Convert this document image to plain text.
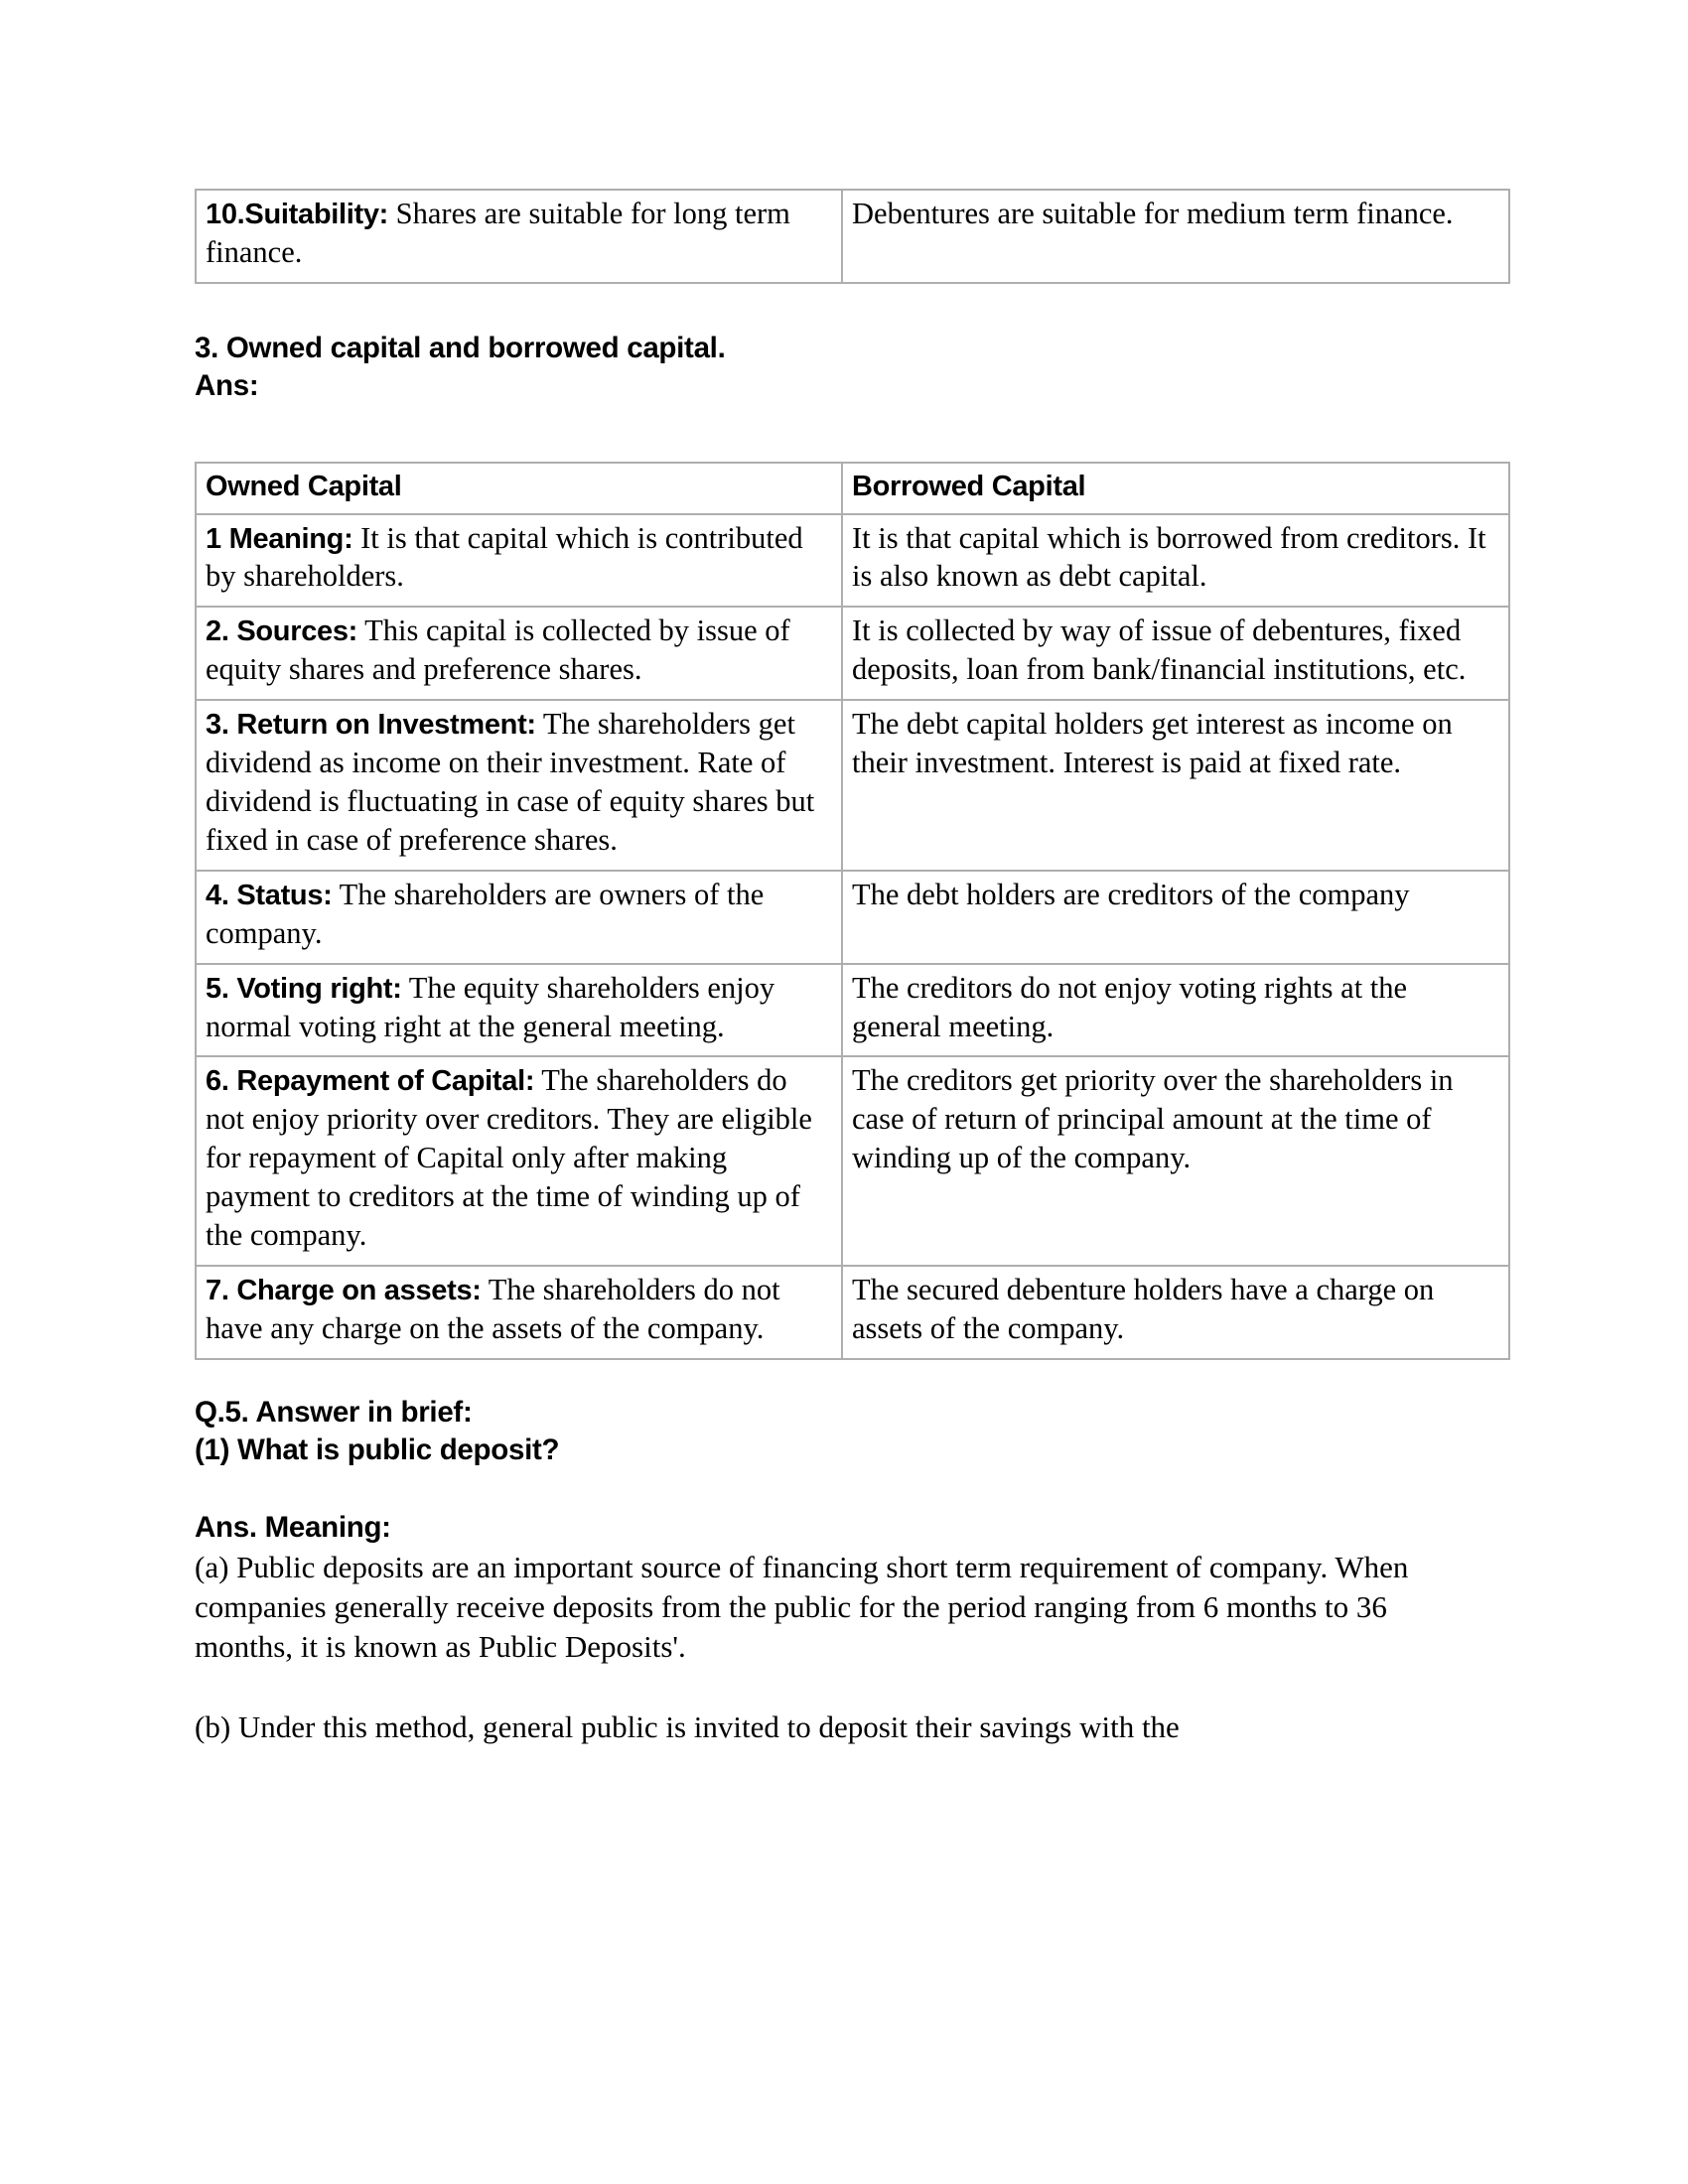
10.Suitability: Shares are suitable for long term finance.	Debentures are suitable for medium term finance.
3. Owned capital and borrowed capital.
Ans:
Owned Capital	Borrowed Capital
1 Meaning: It is that capital which is contributed by shareholders.	It is that capital which is borrowed from creditors. It is also known as debt capital.
2. Sources: This capital is collected by issue of equity shares and preference shares.	It is collected by way of issue of debentures, fixed deposits, loan from bank/financial institutions, etc.
3. Return on Investment: The shareholders get dividend as income on their investment. Rate of dividend is fluctuating in case of equity shares but fixed in case of preference shares.	The debt capital holders get interest as income on their investment. Interest is paid at fixed rate.
4. Status: The shareholders are owners of the company.	The debt holders are creditors of the company
5. Voting right: The equity shareholders enjoy normal voting right at the general meeting.	The creditors do not enjoy voting rights at the general meeting.
6. Repayment of Capital: The shareholders do not enjoy priority over creditors. They are eligible for repayment of Capital only after making payment to creditors at the time of winding up of the company.	The creditors get priority over the shareholders in case of return of principal amount at the time of winding up of the company.
7. Charge on assets: The shareholders do not have any charge on the assets of the company.	The secured debenture holders have a charge on assets of the company.
Q.5. Answer in brief:
(1) What is public deposit?
Ans. Meaning:
(a) Public deposits are an important source of financing short term requirement of company. When companies generally receive deposits from the public for the period ranging from 6 months to 36 months, it is known as Public Deposits'.
(b) Under this method, general public is invited to deposit their savings with the
